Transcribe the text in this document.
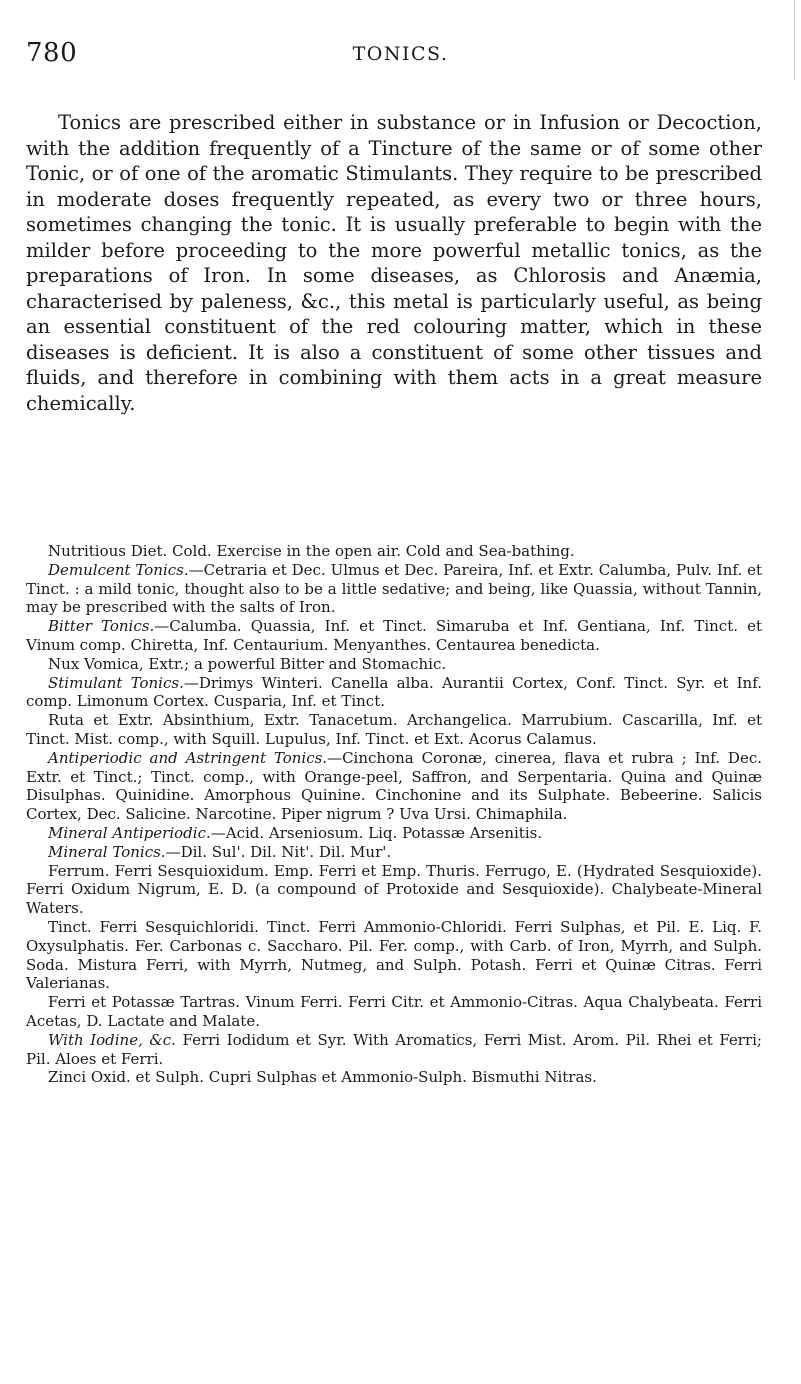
780	TONICS.

Tonics are prescribed either in substance or in Infusion or Decoction, with the addition frequently of a Tincture of the same or of some other Tonic, or of one of the aromatic Stimulants. They require to be prescribed in moderate doses frequently repeated, as every two or three hours, sometimes changing the tonic. It is usually preferable to begin with the milder before proceeding to the more powerful metallic tonics, as the preparations of Iron. In some diseases, as Chlorosis and Anæmia, characterised by paleness, &c., this metal is particularly useful, as being an essential constituent of the red colouring matter, which in these diseases is deficient. It is also a constituent of some other tissues and fluids, and therefore in combining with them acts in a great measure chemically.

Nutritious Diet. Cold. Exercise in the open air. Cold and Sea-bathing.

Demulcent Tonics.—Cetraria et Dec. Ulmus et Dec. Pareira, Inf. et Extr. Calumba, Pulv. Inf. et Tinct. : a mild tonic, thought also to be a little sedative; and being, like Quassia, without Tannin, may be prescribed with the salts of Iron.

Bitter Tonics.—Calumba. Quassia, Inf. et Tinct. Simaruba et Inf. Gentiana, Inf. Tinct. et Vinum comp. Chiretta, Inf. Centaurium. Menyanthes. Centaurea benedicta.

Nux Vomica, Extr.; a powerful Bitter and Stomachic.

Stimulant Tonics.—Drimys Winteri. Canella alba. Aurantii Cortex, Conf. Tinct. Syr. et Inf. comp. Limonum Cortex. Cusparia, Inf. et Tinct.

Ruta et Extr. Absinthium, Extr. Tanacetum. Archangelica. Marrubium. Cascarilla, Inf. et Tinct. Mist. comp., with Squill. Lupulus, Inf. Tinct. et Ext. Acorus Calamus.

Antiperiodic and Astringent Tonics.—Cinchona Coronæ, cinerea, flava et rubra ; Inf. Dec. Extr. et Tinct.; Tinct. comp., with Orange-peel, Saffron, and Serpentaria. Quina and Quinæ Disulphas. Quinidine. Amorphous Quinine. Cinchonine and its Sulphate. Bebeerine. Salicis Cortex, Dec. Salicine. Narcotine. Piper nigrum ? Uva Ursi. Chimaphila.

Mineral Antiperiodic.—Acid. Arseniosum. Liq. Potassæ Arsenitis.

Mineral Tonics.—Dil. Sul'. Dil. Nit'. Dil. Mur'.

Ferrum. Ferri Sesquioxidum. Emp. Ferri et Emp. Thuris. Ferrugo, E. (Hydrated Sesquioxide). Ferri Oxidum Nigrum, E. D. (a compound of Protoxide and Sesquioxide). Chalybeate-Mineral Waters.

Tinct. Ferri Sesquichloridi. Tinct. Ferri Ammonio-Chloridi. Ferri Sulphas, et Pil. E. Liq. F. Oxysulphatis. Fer. Carbonas c. Saccharo. Pil. Fer. comp., with Carb. of Iron, Myrrh, and Sulph. Soda. Mistura Ferri, with Myrrh, Nutmeg, and Sulph. Potash. Ferri et Quinæ Citras. Ferri Valerianas.

Ferri et Potassæ Tartras. Vinum Ferri. Ferri Citr. et Ammonio-Citras. Aqua Chalybeata. Ferri Acetas, D. Lactate and Malate.

With Iodine, &c. Ferri Iodidum et Syr. With Aromatics, Ferri Mist. Arom. Pil. Rhei et Ferri; Pil. Aloes et Ferri.

Zinci Oxid. et Sulph. Cupri Sulphas et Ammonio-Sulph. Bismuthi Nitras.
